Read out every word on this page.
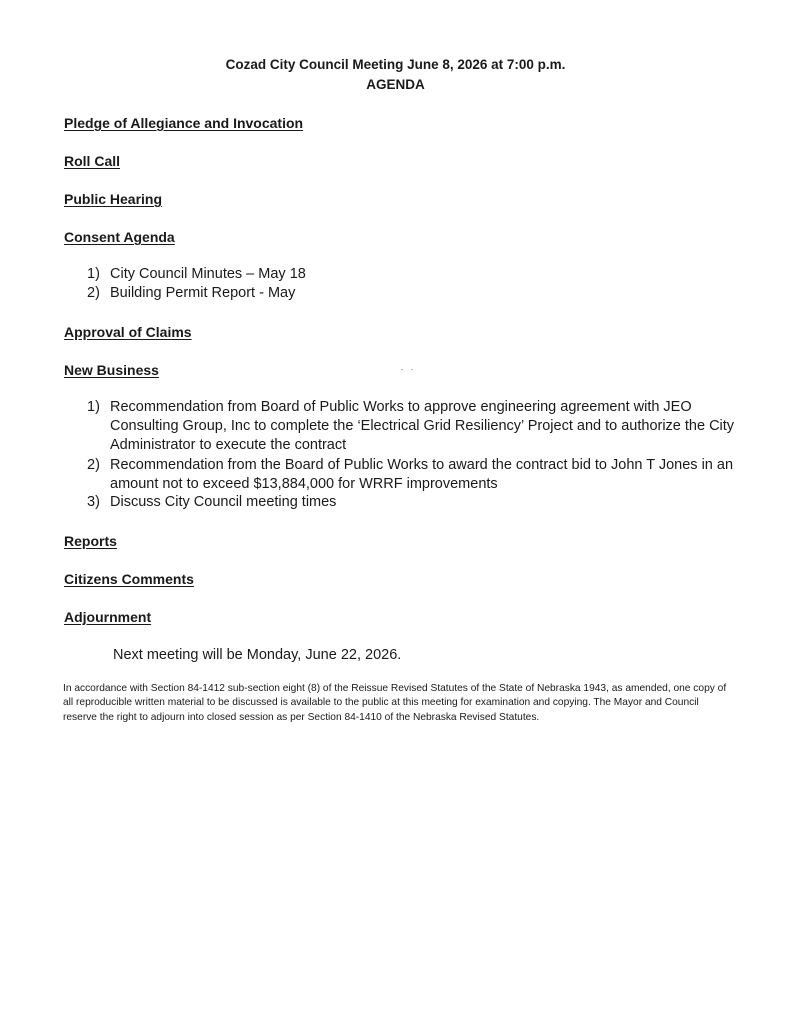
Cozad City Council Meeting June 8, 2026 at 7:00 p.m.
AGENDA
Pledge of Allegiance and Invocation
Roll Call
Public Hearing
Consent Agenda
1) City Council Minutes – May 18
2) Building Permit Report - May
Approval of Claims
New Business
1) Recommendation from Board of Public Works to approve engineering agreement with JEO Consulting Group, Inc to complete the ‘Electrical Grid Resiliency’ Project and to authorize the City Administrator to execute the contract
2) Recommendation from the Board of Public Works to award the contract bid to John T Jones in an amount not to exceed $13,884,000 for WRRF improvements
3) Discuss City Council meeting times
Reports
Citizens Comments
Adjournment
Next meeting will be Monday, June 22, 2026.
In accordance with Section 84-1412 sub-section eight (8) of the Reissue Revised Statutes of the State of Nebraska 1943, as amended, one copy of all reproducible written material to be discussed is available to the public at this meeting for examination and copying. The Mayor and Council reserve the right to adjourn into closed session as per Section 84-1410 of the Nebraska Revised Statutes.
